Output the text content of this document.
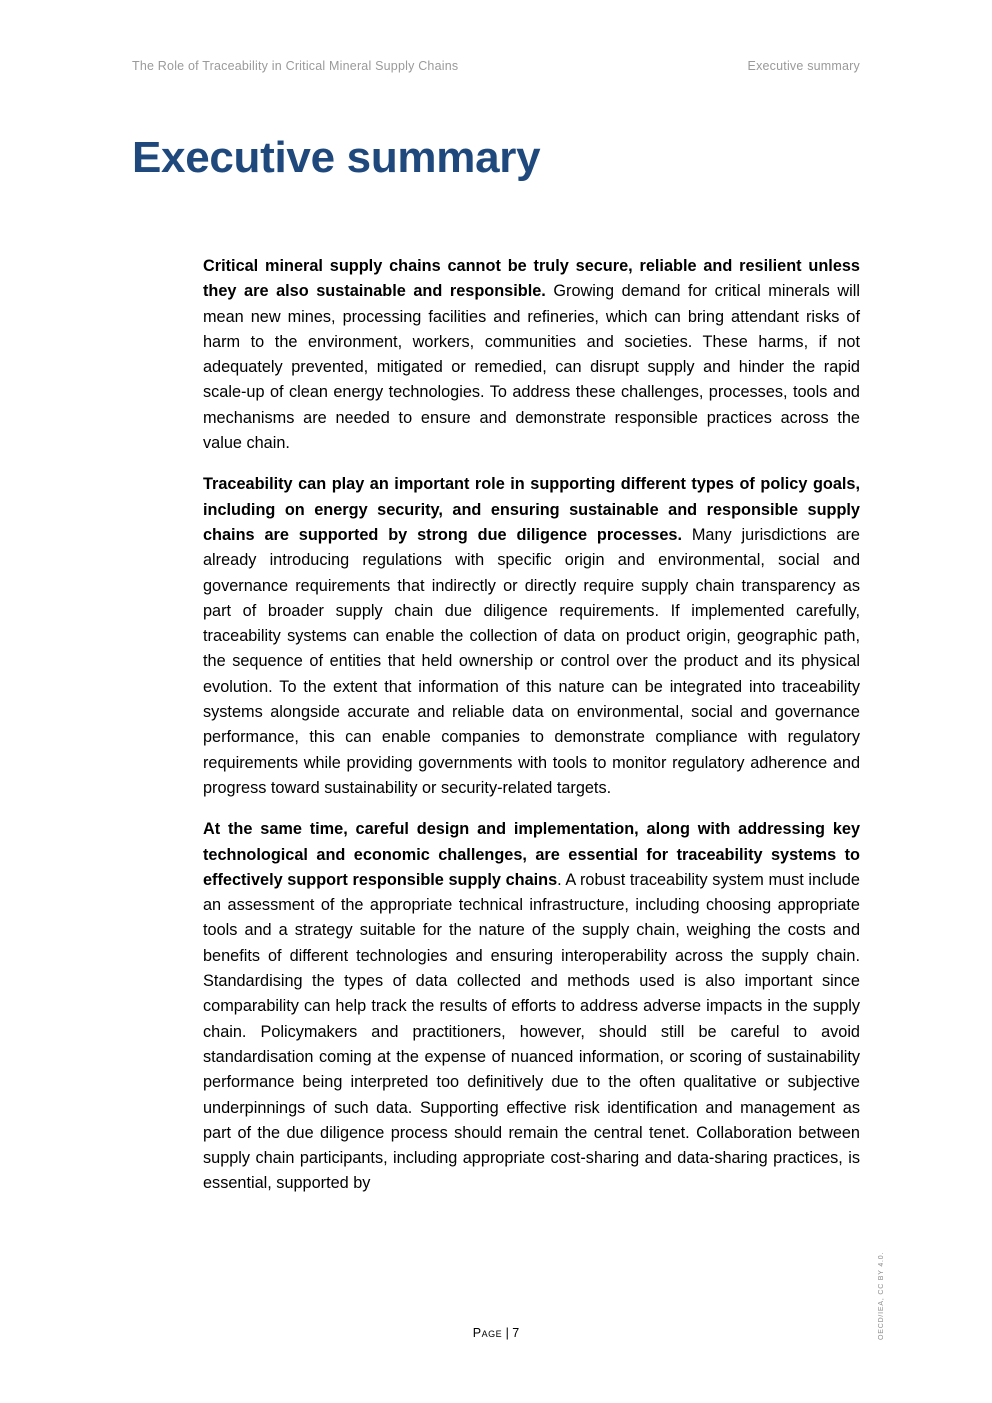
The Role of Traceability in Critical Mineral Supply Chains	Executive summary
Executive summary

Critical mineral supply chains cannot be truly secure, reliable and resilient unless they are also sustainable and responsible. Growing demand for critical minerals will mean new mines, processing facilities and refineries, which can bring attendant risks of harm to the environment, workers, communities and societies. These harms, if not adequately prevented, mitigated or remedied, can disrupt supply and hinder the rapid scale-up of clean energy technologies. To address these challenges, processes, tools and mechanisms are needed to ensure and demonstrate responsible practices across the value chain.

Traceability can play an important role in supporting different types of policy goals, including on energy security, and ensuring sustainable and responsible supply chains are supported by strong due diligence processes. Many jurisdictions are already introducing regulations with specific origin and environmental, social and governance requirements that indirectly or directly require supply chain transparency as part of broader supply chain due diligence requirements. If implemented carefully, traceability systems can enable the collection of data on product origin, geographic path, the sequence of entities that held ownership or control over the product and its physical evolution. To the extent that information of this nature can be integrated into traceability systems alongside accurate and reliable data on environmental, social and governance performance, this can enable companies to demonstrate compliance with regulatory requirements while providing governments with tools to monitor regulatory adherence and progress toward sustainability or security-related targets.

At the same time, careful design and implementation, along with addressing key technological and economic challenges, are essential for traceability systems to effectively support responsible supply chains. A robust traceability system must include an assessment of the appropriate technical infrastructure, including choosing appropriate tools and a strategy suitable for the nature of the supply chain, weighing the costs and benefits of different technologies and ensuring interoperability across the supply chain. Standardising the types of data collected and methods used is also important since comparability can help track the results of efforts to address adverse impacts in the supply chain. Policymakers and practitioners, however, should still be careful to avoid standardisation coming at the expense of nuanced information, or scoring of sustainability performance being interpreted too definitively due to the often qualitative or subjective underpinnings of such data. Supporting effective risk identification and management as part of the due diligence process should remain the central tenet. Collaboration between supply chain participants, including appropriate cost-sharing and data-sharing practices, is essential, supported by

Page | 7	OECD/IEA, CC BY 4.0.
